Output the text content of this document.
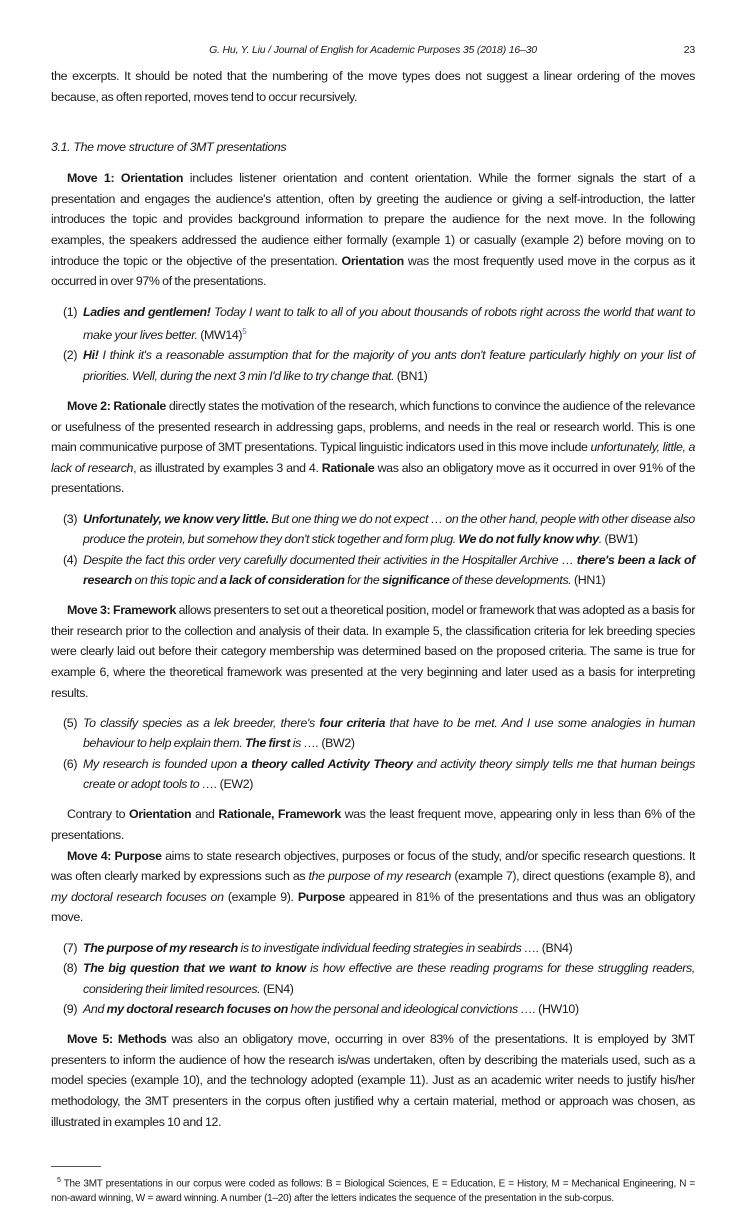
G. Hu, Y. Liu / Journal of English for Academic Purposes 35 (2018) 16–30	23

the excerpts. It should be noted that the numbering of the move types does not suggest a linear ordering of the moves because, as often reported, moves tend to occur recursively.

3.1. The move structure of 3MT presentations

Move 1: Orientation includes listener orientation and content orientation. While the former signals the start of a presentation and engages the audience's attention, often by greeting the audience or giving a self-introduction, the latter introduces the topic and provides background information to prepare the audience for the next move. In the following examples, the speakers addressed the audience either formally (example 1) or casually (example 2) before moving on to introduce the topic or the objective of the presentation. Orientation was the most frequently used move in the corpus as it occurred in over 97% of the presentations.

(1) Ladies and gentlemen! Today I want to talk to all of you about thousands of robots right across the world that want to make your lives better. (MW14)$^5$
(2) Hi! I think it's a reasonable assumption that for the majority of you ants don't feature particularly highly on your list of priorities. Well, during the next 3 min I'd like to try change that. (BN1)

Move 2: Rationale directly states the motivation of the research, which functions to convince the audience of the relevance or usefulness of the presented research in addressing gaps, problems, and needs in the real or research world. This is one main communicative purpose of 3MT presentations. Typical linguistic indicators used in this move include unfortunately, little, a lack of research, as illustrated by examples 3 and 4. Rationale was also an obligatory move as it occurred in over 91% of the presentations.

(3) Unfortunately, we know very little. But one thing we do not expect … on the other hand, people with other disease also produce the protein, but somehow they don't stick together and form plug. We do not fully know why. (BW1)
(4) Despite the fact this order very carefully documented their activities in the Hospitaller Archive … there's been a lack of research on this topic and a lack of consideration for the significance of these developments. (HN1)

Move 3: Framework allows presenters to set out a theoretical position, model or framework that was adopted as a basis for their research prior to the collection and analysis of their data. In example 5, the classification criteria for lek breeding species were clearly laid out before their category membership was determined based on the proposed criteria. The same is true for example 6, where the theoretical framework was presented at the very beginning and later used as a basis for interpreting results.

(5) To classify species as a lek breeder, there's four criteria that have to be met. And I use some analogies in human behaviour to help explain them. The first is …. (BW2)
(6) My research is founded upon a theory called Activity Theory and activity theory simply tells me that human beings create or adopt tools to …. (EW2)

Contrary to Orientation and Rationale, Framework was the least frequent move, appearing only in less than 6% of the presentations.

Move 4: Purpose aims to state research objectives, purposes or focus of the study, and/or specific research questions. It was often clearly marked by expressions such as the purpose of my research (example 7), direct questions (example 8), and my doctoral research focuses on (example 9). Purpose appeared in 81% of the presentations and thus was an obligatory move.

(7) The purpose of my research is to investigate individual feeding strategies in seabirds …. (BN4)
(8) The big question that we want to know is how effective are these reading programs for these struggling readers, considering their limited resources. (EN4)
(9) And my doctoral research focuses on how the personal and ideological convictions …. (HW10)

Move 5: Methods was also an obligatory move, occurring in over 83% of the presentations. It is employed by 3MT presenters to inform the audience of how the research is/was undertaken, often by describing the materials used, such as a model species (example 10), and the technology adopted (example 11). Just as an academic writer needs to justify his/her methodology, the 3MT presenters in the corpus often justified why a certain material, method or approach was chosen, as illustrated in examples 10 and 12.

$^5$ The 3MT presentations in our corpus were coded as follows: B = Biological Sciences, E = Education, E = History, M = Mechanical Engineering, N = non-award winning, W = award winning. A number (1–20) after the letters indicates the sequence of the presentation in the sub-corpus.
